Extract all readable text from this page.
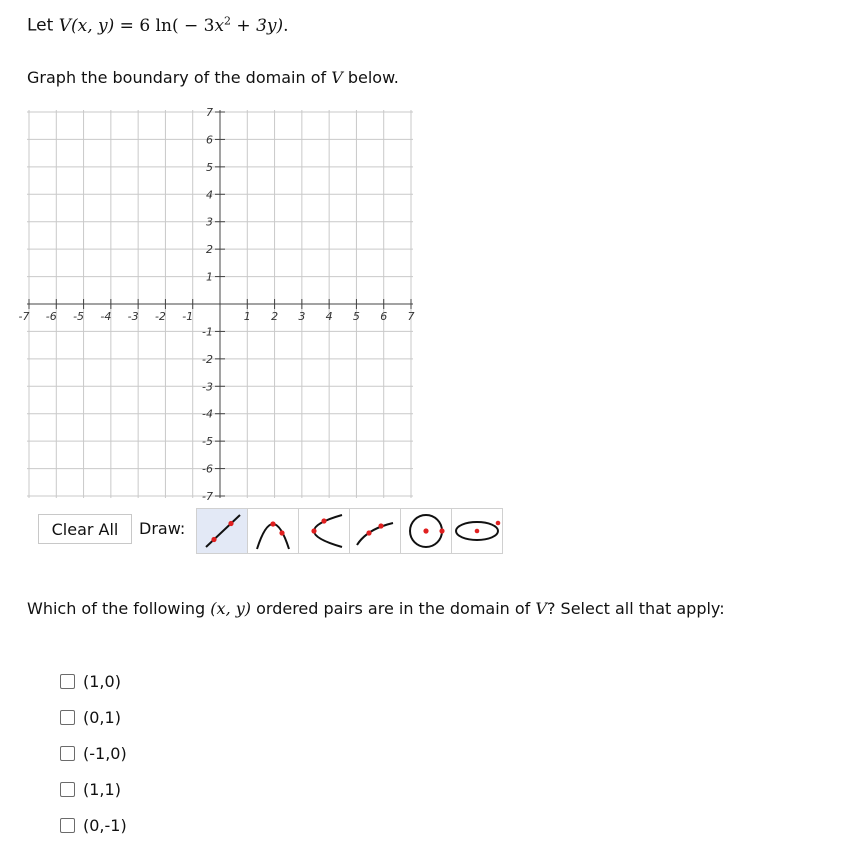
Let V(x, y) = 6 $\ln( - 3x^2 + 3y)$.
Graph the boundary of the domain of V below.
-7 -6 -5 -4 -3 -2 -1	1 2 3 4 5 6 7
7
6
5
4
3
2
1
-1
-2
-3
-4
-5
-6
-7
Clear All	Draw:
Which of the following (x, y) ordered pairs are in the domain of V? Select all that apply:
(1,0)
(0,1)
(-1,0)
(1,1)
(0,-1)
